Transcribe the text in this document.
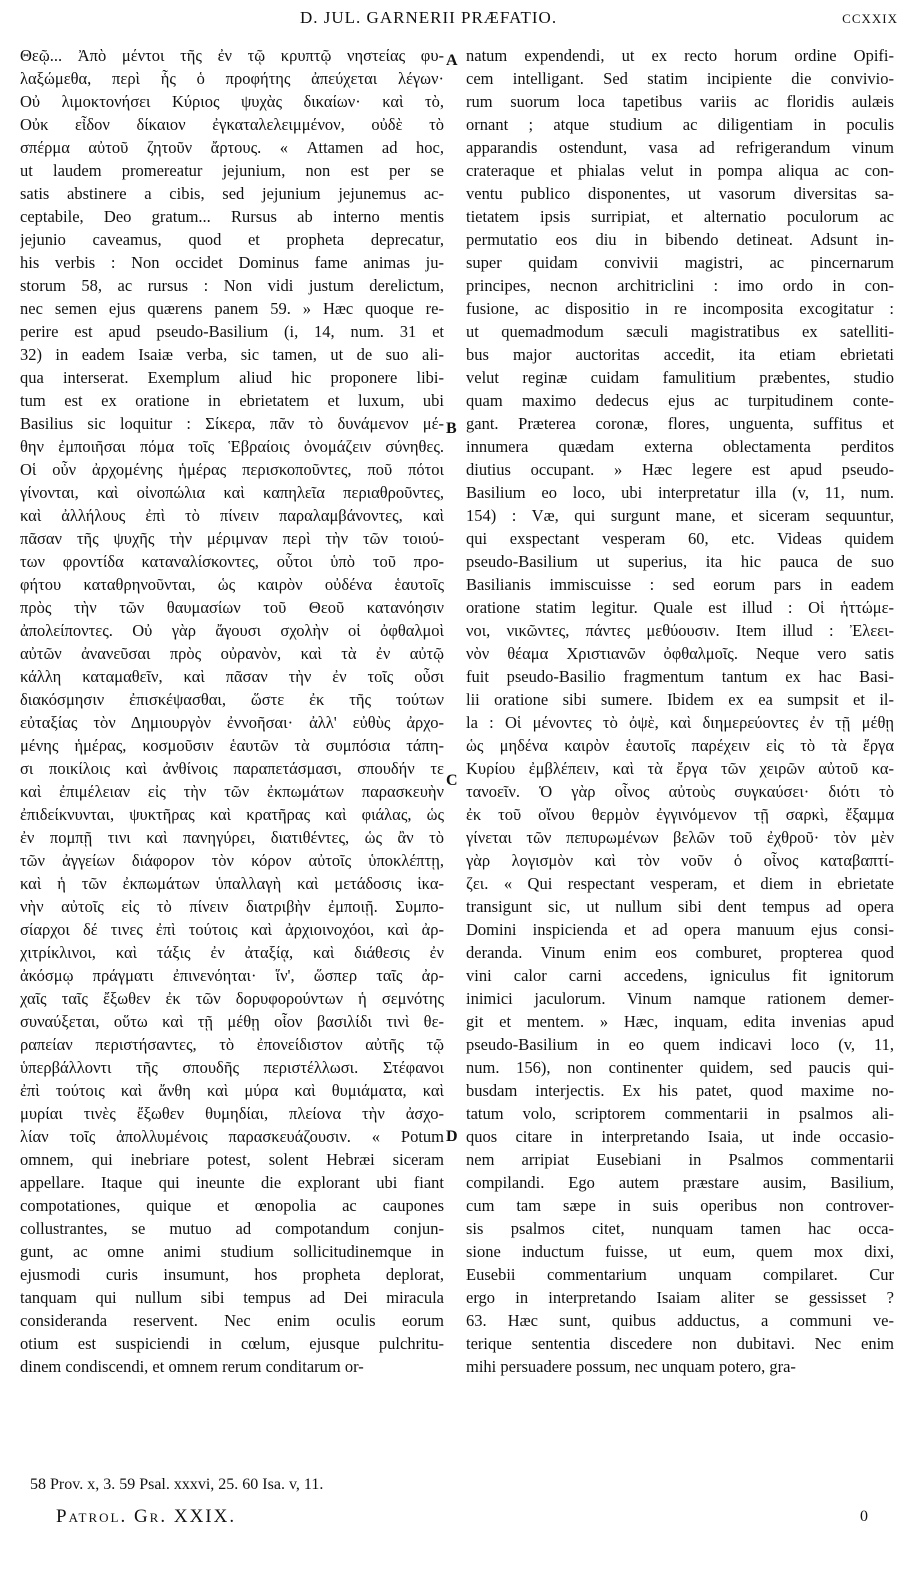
D. JUL. GARNERII PRÆFATIO.	CCXXIX
Θεῷ... Ἀπὸ μέντοι τῆς ἐν τῷ κρυπτῷ νηστείας φυ-
λαξώμεθα, περὶ ἧς ὁ προφήτης ἀπεύχεται λέγων·
Οὐ λιμοκτονήσει Κύριος ψυχὰς δικαίων· καὶ τὸ,
Οὐκ εἶδον δίκαιον ἐγκαταλελειμμένον, οὐδὲ τὸ
σπέρμα αὐτοῦ ζητοῦν ἄρτους. « Attamen ad hoc,
ut laudem promereatur jejunium, non est per se
satis abstinere a cibis, sed jejunium jejunemus ac-
ceptabile, Deo gratum... Rursus ab interno mentis
jejunio caveamus, quod et propheta deprecatur,
his verbis : Non occidet Dominus fame animas ju-
storum 58, ac rursus : Non vidi justum derelictum,
nec semen ejus quærens panem 59. » Hæc quoque re-
perire est apud pseudo-Basilium (i, 14, num. 31 et
32) in eadem Isaiæ verba, sic tamen, ut de suo ali-
qua interserat. Exemplum aliud hic proponere libi-
tum est ex oratione in ebrietatem et luxum, ubi
Basilius sic loquitur : Σίκερα, πᾶν τὸ δυνάμενον μέ-
θην ἐμποιῆσαι πόμα τοῖς Ἑβραίοις ὀνομάζειν σύνηθες.
Οἱ οὖν ἀρχομένης ἡμέρας περισκοποῦντες, ποῦ πότοι
γίνονται, καὶ οἰνοπώλια καὶ καπηλεῖα περιαθροῦντες,
καὶ ἀλλήλους ἐπὶ τὸ πίνειν παραλαμβάνοντες, καὶ
πᾶσαν τῆς ψυχῆς τὴν μέριμναν περὶ τὴν τῶν τοιού-
των φροντίδα καταναλίσκοντες, οὗτοι ὑπὸ τοῦ προ-
φήτου καταθρηνοῦνται, ὡς καιρὸν οὐδένα ἑαυτοῖς
πρὸς τὴν τῶν θαυμασίων τοῦ Θεοῦ κατανόησιν
ἀπολείποντες. Οὐ γὰρ ἄγουσι σχολὴν οἱ ὀφθαλμοὶ
αὐτῶν ἀνανεῦσαι πρὸς οὐρανὸν, καὶ τὰ ἐν αὐτῷ
κάλλη καταμαθεῖν, καὶ πᾶσαν τὴν ἐν τοῖς οὖσι
διακόσμησιν ἐπισκέψασθαι, ὥστε ἐκ τῆς τούτων
εὐταξίας τὸν Δημιουργὸν ἐννοῆσαι· ἀλλ' εὐθὺς ἀρχο-
μένης ἡμέρας, κοσμοῦσιν ἑαυτῶν τὰ συμπόσια τάπη-
σι ποικίλοις καὶ ἀνθίνοις παραπετάσμασι, σπουδήν τε
καὶ ἐπιμέλειαν εἰς τὴν τῶν ἐκπωμάτων παρασκευὴν
ἐπιδείκνυνται, ψυκτῆρας καὶ κρατῆρας καὶ φιάλας, ὡς
ἐν πομπῇ τινι καὶ πανηγύρει, διατιθέντες, ὡς ἂν τὸ
τῶν ἀγγείων διάφορον τὸν κόρον αὐτοῖς ὑποκλέπτῃ,
καὶ ἡ τῶν ἐκπωμάτων ὑπαλλαγὴ καὶ μετάδοσις ἱκα-
νὴν αὐτοῖς εἰς τὸ πίνειν διατριβὴν ἐμποιῇ. Συμπο-
σίαρχοι δέ τινες ἐπὶ τούτοις καὶ ἀρχιοινοχόοι, καὶ ἀρ-
χιτρίκλινοι, καὶ τάξις ἐν ἀταξίᾳ, καὶ διάθεσις ἐν
ἀκόσμῳ πράγματι ἐπινενόηται· ἵν', ὥσπερ ταῖς ἀρ-
χαῖς ταῖς ἔξωθεν ἐκ τῶν δορυφορούντων ἡ σεμνότης
συναύξεται, οὕτω καὶ τῇ μέθῃ οἷον βασιλίδι τινὶ θε-
ραπείαν περιστήσαντες, τὸ ἐπονείδιστον αὐτῆς τῷ
ὑπερβάλλοντι τῆς σπουδῆς περιστέλλωσι. Στέφανοι
ἐπὶ τούτοις καὶ ἄνθη καὶ μύρα καὶ θυμιάματα, καὶ
μυρίαι τινὲς ἔξωθεν θυμηδίαι, πλείονα τὴν ἀσχο-
λίαν τοῖς ἀπολλυμένοις παρασκευάζουσιν. « Potum
omnem, qui inebriare potest, solent Hebræi siceram
appellare. Itaque qui ineunte die explorant ubi fiant
compotationes, quique et œnopolia ac caupones
collustrantes, se mutuo ad compotandum conjun-
gunt, ac omne animi studium sollicitudinemque in
ejusmodi curis insumunt, hos propheta deplorat,
tanquam qui nullum sibi tempus ad Dei miracula
consideranda reservent. Nec enim oculis eorum
otium est suspiciendi in cœlum, ejusque pulchritu-
dinem condiscendi, et omnem rerum conditarum or-
natum expendendi, ut ex recto horum ordine Opifi-
cem intelligant. Sed statim incipiente die convivio-
rum suorum loca tapetibus variis ac floridis aulæis
ornant ; atque studium ac diligentiam in poculis
apparandis ostendunt, vasa ad refrigerandum vinum
crateraque et phialas velut in pompa aliqua ac con-
ventu publico disponentes, ut vasorum diversitas sa-
tietatem ipsis surripiat, et alternatio poculorum ac
permutatio eos diu in bibendo detineat. Adsunt in-
super quidam convivii magistri, ac pincernarum
principes, necnon architriclini : imo ordo in con-
fusione, ac dispositio in re incomposita excogitatur :
ut quemadmodum sæculi magistratibus ex satelliti-
bus major auctoritas accedit, ita etiam ebrietati
velut reginæ cuidam famulitium præbentes, studio
quam maximo dedecus ejus ac turpitudinem conte-
gant. Præterea coronæ, flores, unguenta, suffitus et
innumera quædam externa oblectamenta perditos
diutius occupant. » Hæc legere est apud pseudo-
Basilium eo loco, ubi interpretatur illa (v, 11, num.
154) : Væ, qui surgunt mane, et siceram sequuntur,
qui exspectant vesperam 60, etc. Videas quidem
pseudo-Basilium ut superius, ita hic pauca de suo
Basilianis immiscuisse : sed eorum pars in eadem
oratione statim legitur. Quale est illud : Οἱ ἡττώμε-
νοι, νικῶντες, πάντες μεθύουσιν. Item illud : Ἐλεει-
νὸν θέαμα Χριστιανῶν ὀφθαλμοῖς. Neque vero satis
fuit pseudo-Basilio fragmentum tantum ex hac Basi-
lii oratione sibi sumere. Ibidem ex ea sumpsit et il-
la : Οἱ μένοντες τὸ ὀψὲ, καὶ διημερεύοντες ἐν τῇ μέθῃ
ὡς μηδένα καιρὸν ἑαυτοῖς παρέχειν εἰς τὸ τὰ ἔργα
Κυρίου ἐμβλέπειν, καὶ τὰ ἔργα τῶν χειρῶν αὐτοῦ κα-
τανοεῖν. Ὁ γὰρ οἶνος αὐτοὺς συγκαύσει· διότι τὸ
ἐκ τοῦ οἴνου θερμὸν ἐγγινόμενον τῇ σαρκὶ, ἔξαμμα
γίνεται τῶν πεπυρωμένων βελῶν τοῦ ἐχθροῦ· τὸν μὲν
γὰρ λογισμὸν καὶ τὸν νοῦν ὁ οἶνος καταβαπτί-
ζει. « Qui respectant vesperam, et diem in ebrietate
transigunt sic, ut nullum sibi dent tempus ad opera
Domini inspicienda et ad opera manuum ejus consi-
deranda. Vinum enim eos comburet, propterea quod
vini calor carni accedens, igniculus fit ignitorum
inimici jaculorum. Vinum namque rationem demer-
git et mentem. » Hæc, inquam, edita invenias apud
pseudo-Basilium in eo quem indicavi loco (v, 11,
num. 156), non continenter quidem, sed paucis qui-
busdam interjectis. Ex his patet, quod maxime no-
tatum volo, scriptorem commentarii in psalmos ali-
quos citare in interpretando Isaia, ut inde occasio-
nem arripiat Eusebiani in Psalmos commentarii
compilandi. Ego autem præstare ausim, Basilium,
cum tam sæpe in suis operibus non controver-
sis psalmos citet, nunquam tamen hac occa-
sione inductum fuisse, ut eum, quem mox dixi,
Eusebii commentarium unquam compilaret. Cur
ergo in interpretando Isaiam aliter se gessisset ?
63. Hæc sunt, quibus adductus, a communi ve-
terique sententia discedere non dubitavi. Nec enim
mihi persuadere possum, nec unquam potero, gra-
A
B
C
D
58 Prov. x, 3. 59 Psal. xxxvi, 25. 60 Isa. v, 11.
Patrol. Gr. XXIX.	0
